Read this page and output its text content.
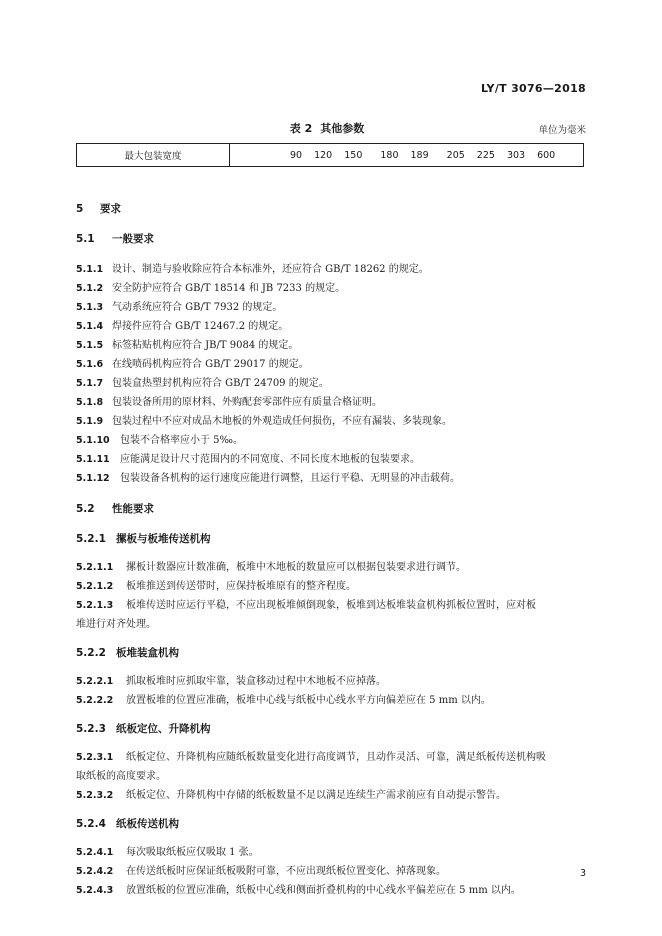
LY/T 3076—2018
表 2 其他参数	单位为毫米
最大包装宽度	90 120 150 180 189 205 225 303 600
5 要求
5.1 一般要求
5.1.1 设计、制造与验收除应符合本标准外，还应符合 GB/T 18262 的规定。
5.1.2 安全防护应符合 GB/T 18514 和 JB 7233 的规定。
5.1.3 气动系统应符合 GB/T 7932 的规定。
5.1.4 焊接件应符合 GB/T 12467.2 的规定。
5.1.5 标签粘贴机构应符合 JB/T 9084 的规定。
5.1.6 在线喷码机构应符合 GB/T 29017 的规定。
5.1.7 包装盒热塑封机构应符合 GB/T 24709 的规定。
5.1.8 包装设备所用的原材料、外购配套零部件应有质量合格证明。
5.1.9 包装过程中不应对成品木地板的外观造成任何损伤，不应有漏装、多装现象。
5.1.10 包装不合格率应小于 5‰。
5.1.11 应能满足设计尺寸范围内的不同宽度、不同长度木地板的包装要求。
5.1.12 包装设备各机构的运行速度应能进行调整，且运行平稳、无明显的冲击载荷。
5.2 性能要求
5.2.1 摞板与板堆传送机构
5.2.1.1 摞板计数器应计数准确，板堆中木地板的数量应可以根据包装要求进行调节。
5.2.1.2 板堆推送到传送带时，应保持板堆原有的整齐程度。
5.2.1.3 板堆传送时应运行平稳，不应出现板堆倾倒现象，板堆到达板堆装盒机构抓板位置时，应对板
堆进行对齐处理。
5.2.2 板堆装盒机构
5.2.2.1 抓取板堆时应抓取牢靠，装盒移动过程中木地板不应掉落。
5.2.2.2 放置板堆的位置应准确，板堆中心线与纸板中心线水平方向偏差应在 5 mm 以内。
5.2.3 纸板定位、升降机构
5.2.3.1 纸板定位、升降机构应随纸板数量变化进行高度调节，且动作灵活、可靠，满足纸板传送机构吸
取纸板的高度要求。
5.2.3.2 纸板定位、升降机构中存储的纸板数量不足以满足连续生产需求前应有自动提示警告。
5.2.4 纸板传送机构
5.2.4.1 每次吸取纸板应仅吸取 1 张。
5.2.4.2 在传送纸板时应保证纸板吸附可靠，不应出现纸板位置变化、掉落现象。
5.2.4.3 放置纸板的位置应准确，纸板中心线和侧面折叠机构的中心线水平偏差应在 5 mm 以内。
3
